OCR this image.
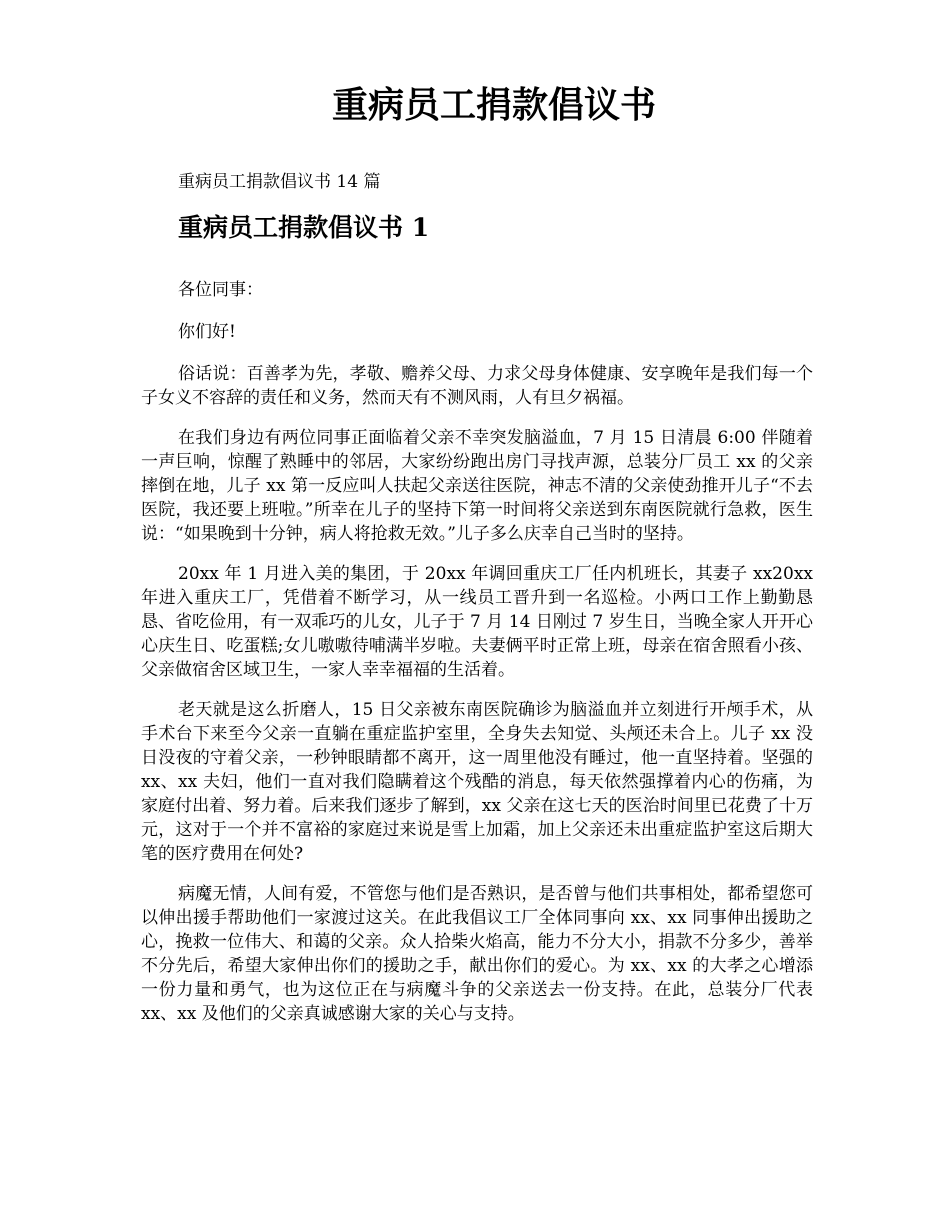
重病员工捐款倡议书

重病员工捐款倡议书 14 篇

重病员工捐款倡议书 1

各位同事：

你们好!

俗话说：百善孝为先，孝敬、赡养父母、力求父母身体健康、安享晚年是我们每一个子女义不容辞的责任和义务，然而天有不测风雨，人有旦夕祸福。

在我们身边有两位同事正面临着父亲不幸突发脑溢血，7 月 15 日清晨 6:00 伴随着一声巨响，惊醒了熟睡中的邻居，大家纷纷跑出房门寻找声源，总装分厂员工 xx 的父亲摔倒在地，儿子 xx 第一反应叫人扶起父亲送往医院，神志不清的父亲使劲推开儿子“不去医院，我还要上班啦。”所幸在儿子的坚持下第一时间将父亲送到东南医院就行急救，医生说：“如果晚到十分钟，病人将抢救无效。”儿子多么庆幸自己当时的坚持。

20xx 年 1 月进入美的集团，于 20xx 年调回重庆工厂任内机班长，其妻子 xx20xx 年进入重庆工厂，凭借着不断学习，从一线员工晋升到一名巡检。小两口工作上勤勤恳恳、省吃俭用，有一双乖巧的儿女，儿子于 7 月 14 日刚过 7 岁生日，当晚全家人开开心心庆生日、吃蛋糕;女儿嗷嗷待哺满半岁啦。夫妻俩平时正常上班，母亲在宿舍照看小孩、父亲做宿舍区域卫生，一家人幸幸福福的生活着。

老天就是这么折磨人，15 日父亲被东南医院确诊为脑溢血并立刻进行开颅手术，从手术台下来至今父亲一直躺在重症监护室里，全身失去知觉、头颅还未合上。儿子 xx 没日没夜的守着父亲，一秒钟眼睛都不离开，这一周里他没有睡过，他一直坚持着。坚强的 xx、xx 夫妇，他们一直对我们隐瞒着这个残酷的消息，每天依然强撑着内心的伤痛，为家庭付出着、努力着。后来我们逐步了解到，xx 父亲在这七天的医治时间里已花费了十万元，这对于一个并不富裕的家庭过来说是雪上加霜，加上父亲还未出重症监护室这后期大笔的医疗费用在何处?

病魔无情，人间有爱，不管您与他们是否熟识，是否曾与他们共事相处，都希望您可以伸出援手帮助他们一家渡过这关。在此我倡议工厂全体同事向 xx、xx 同事伸出援助之心，挽救一位伟大、和蔼的父亲。众人拾柴火焰高，能力不分大小，捐款不分多少，善举不分先后，希望大家伸出你们的援助之手，献出你们的爱心。为 xx、xx 的大孝之心增添一份力量和勇气，也为这位正在与病魔斗争的父亲送去一份支持。在此，总装分厂代表 xx、xx 及他们的父亲真诚感谢大家的关心与支持。
